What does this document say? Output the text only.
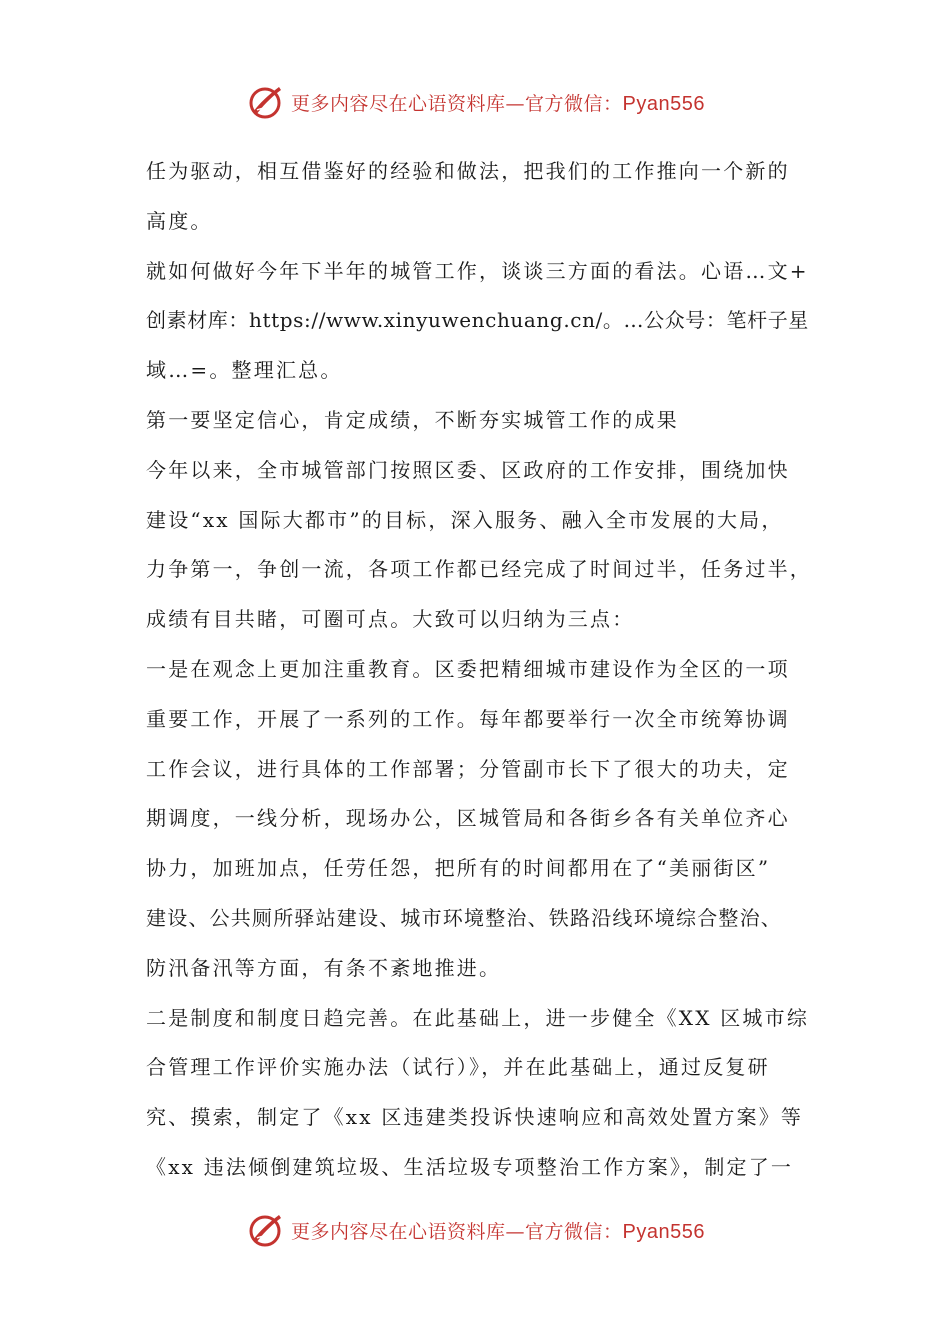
更多内容尽在心语资料库—官方微信：Pyan556
任为驱动，相互借鉴好的经验和做法，把我们的工作推向一个新的
高度。
就如何做好今年下半年的城管工作，谈谈三方面的看法。心语…文+
创素材库：https://www.xinyuwenchuang.cn/。…公众号：笔杆子星
域…=。整理汇总。
第一要坚定信心，肯定成绩，不断夯实城管工作的成果
今年以来，全市城管部门按照区委、区政府的工作安排，围绕加快
建设“xx 国际大都市”的目标，深入服务、融入全市发展的大局，
力争第一，争创一流，各项工作都已经完成了时间过半，任务过半，
成绩有目共睹，可圈可点。大致可以归纳为三点：
一是在观念上更加注重教育。区委把精细城市建设作为全区的一项
重要工作，开展了一系列的工作。每年都要举行一次全市统筹协调
工作会议，进行具体的工作部署；分管副市长下了很大的功夫，定
期调度，一线分析，现场办公，区城管局和各街乡各有关单位齐心
协力，加班加点，任劳任怨，把所有的时间都用在了“美丽街区”
建设、公共厕所驿站建设、城市环境整治、铁路沿线环境综合整治、
防汛备汛等方面，有条不紊地推进。
二是制度和制度日趋完善。在此基础上，进一步健全《XX 区城市综
合管理工作评价实施办法（试行）》，并在此基础上，通过反复研
究、摸索，制定了《xx 区违建类投诉快速响应和高效处置方案》等
《xx 违法倾倒建筑垃圾、生活垃圾专项整治工作方案》，制定了一
更多内容尽在心语资料库—官方微信：Pyan556
